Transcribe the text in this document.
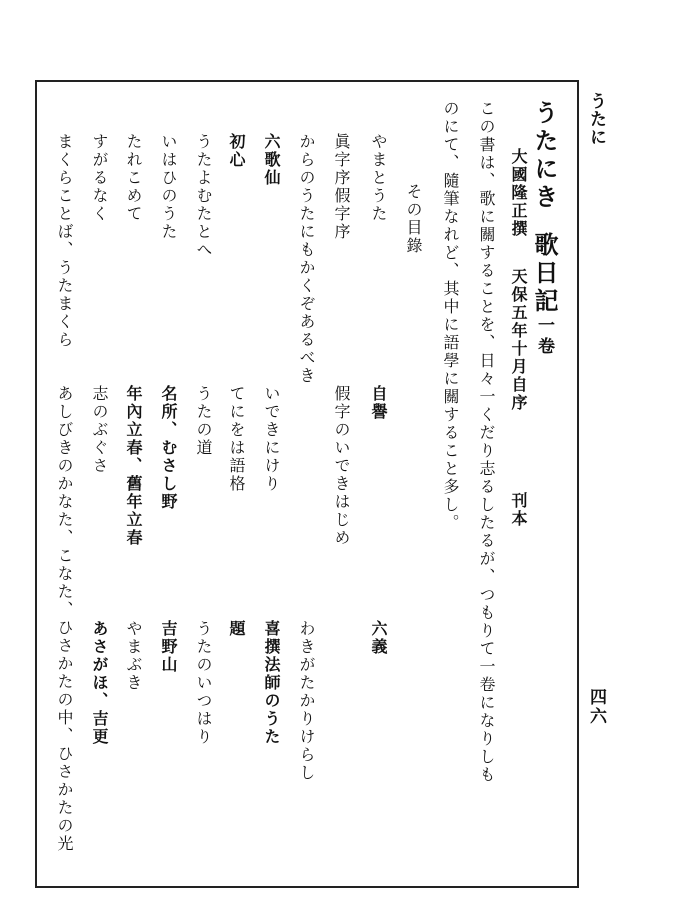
うたに
四六
この書は、歌に關することを、日々一くだり志るしたるが、つもりて一卷になりしも
のにて、隨筆なれど、其中に語學に關すること多し。	うたにき歌日記一卷
大國隆正撰
天保五年十月自序
刊本
その目錄
やまとうた
眞字序假字序
からのうたにもかくぞあるべき
六歌仙
初心
うたよむたとへ
いはひのうた
たれこめて
すがるなく
まくらことば、うたまくら
自譽
假字のいできはじめ
いできにけり
てにをは語格
うたの道
名所、むさし野
年內立春、舊年立春
志のぶぐさ
あしびきのかなた、こなた、ひさかたの中、ひさかたの光	六義
わきがたかりけらし
喜撰法師のうた
題
うたのいつはり
吉野山
やまぶき
あさがほ、吉更
